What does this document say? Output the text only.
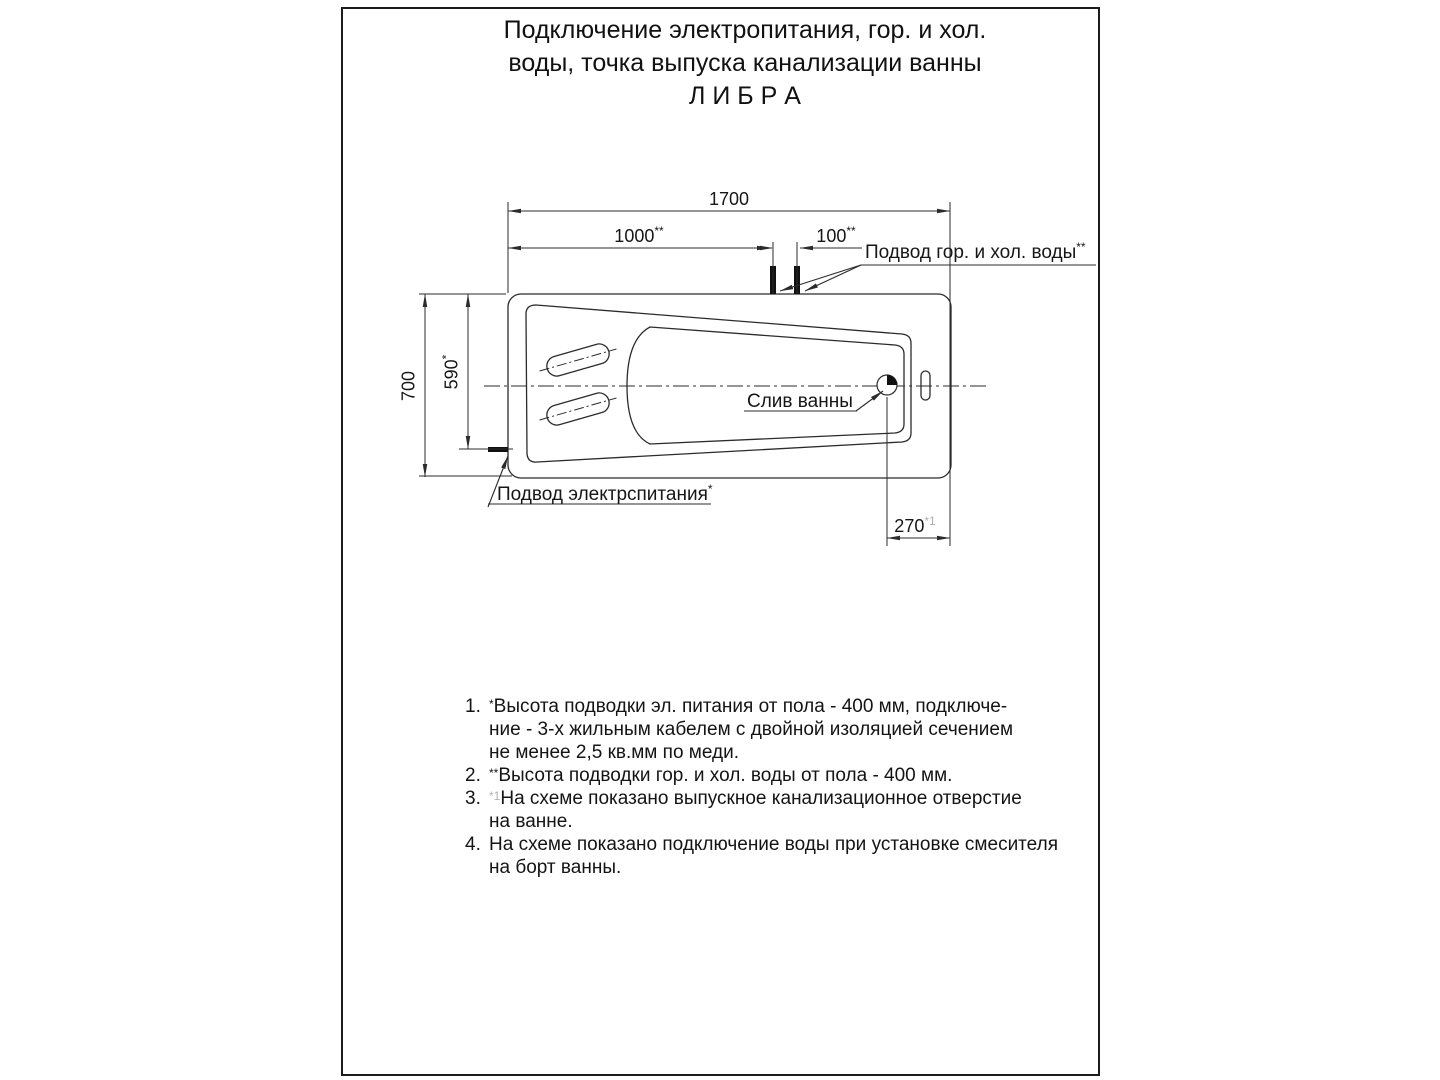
Подключение электропитания, гор. и хол.
воды, точка выпуска канализации ванны
Л И Б Р А
1700
1000**	100**
700 590*
270$^{*1}$
Подвод гор. и хол. воды**
Слив ванны
Подвод электрспитания*
1. *Высота подводки эл. питания от пола - 400 мм, подключе-
ние - 3-х жильным кабелем с двойной изоляцией сечением
не менее 2,5 кв.мм по меди.
2. **Высота подводки гор. и хол. воды от пола - 400 мм.
3. $^{*1}$На схеме показано выпускное канализационное отверстие
на ванне.
4. На схеме показано подключение воды при установке смесителя
на борт ванны.
